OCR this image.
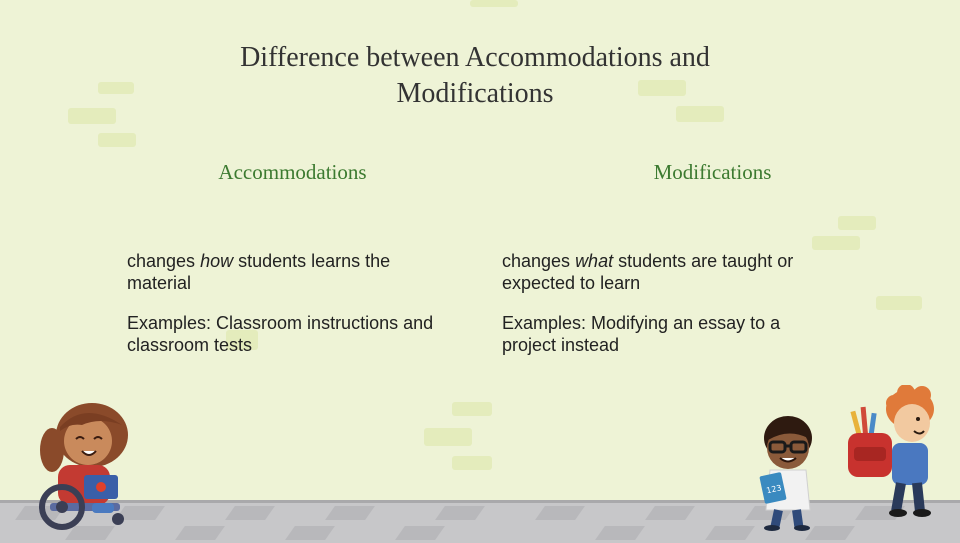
Difference between Accommodations and
Modifications
Accommodations	Modifications
changes how students learns the material
changes what students are taught or expected to learn
Examples: Classroom instructions and classroom tests
Examples: Modifying an essay to a project instead
123
